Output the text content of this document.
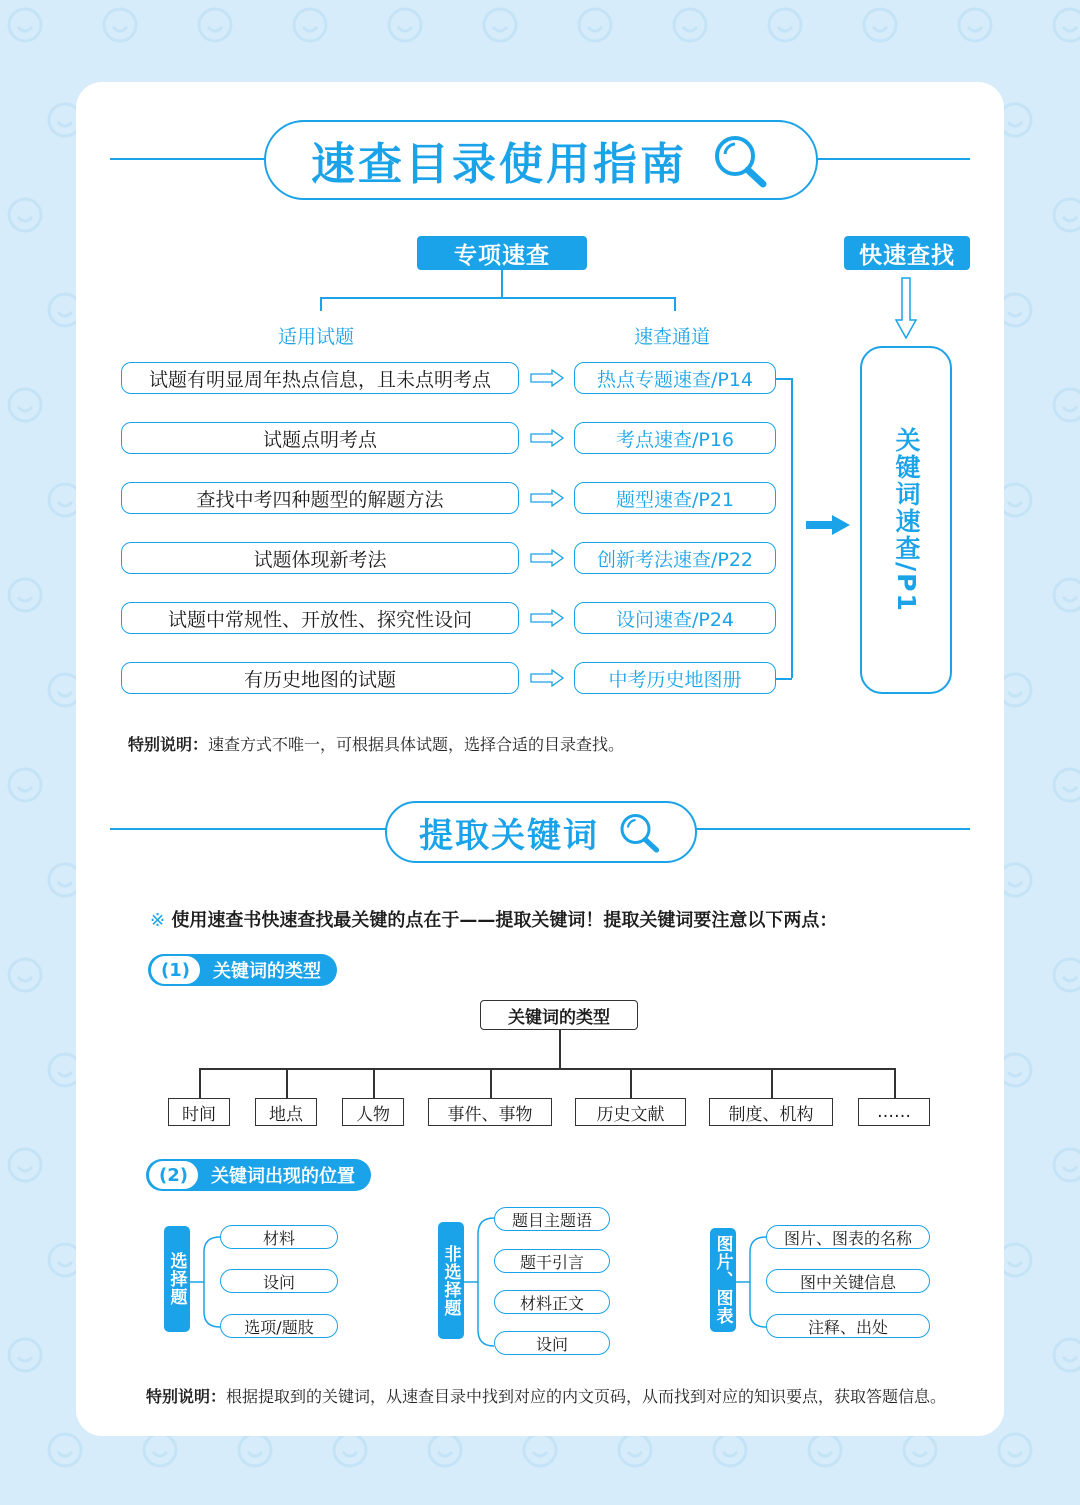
速查目录使用指南
专项速查	快速查找
适用试题	速查通道
试题有明显周年热点信息，且未点明考点	热点专题速查/P14
试题点明考点	考点速查/P16
查找中考四种题型的解题方法	题型速查/P21
试题体现新考法	创新考法速查/P22
试题中常规性、开放性、探究性设问	设问速查/P24
有历史地图的试题	中考历史地图册
关键词速查/P1
特别说明：速查方式不唯一，可根据具体试题，选择合适的目录查找。
提取关键词
※ 使用速查书快速查找最关键的点在于——提取关键词！提取关键词要注意以下两点：
(1)	关键词的类型
关键词的类型
时间	地点	人物	事件、事物	历史文献	制度、机构	……
(2)	关键词出现的位置
选择题
材料
设问
选项/题肢
非选择题
题目主题语
题干引言
材料正文
设问
图片、图表	图片、图表的名称
图中关键信息
注释、出处
特别说明：根据提取到的关键词，从速查目录中找到对应的内文页码，从而找到对应的知识要点，获取答题信息。
